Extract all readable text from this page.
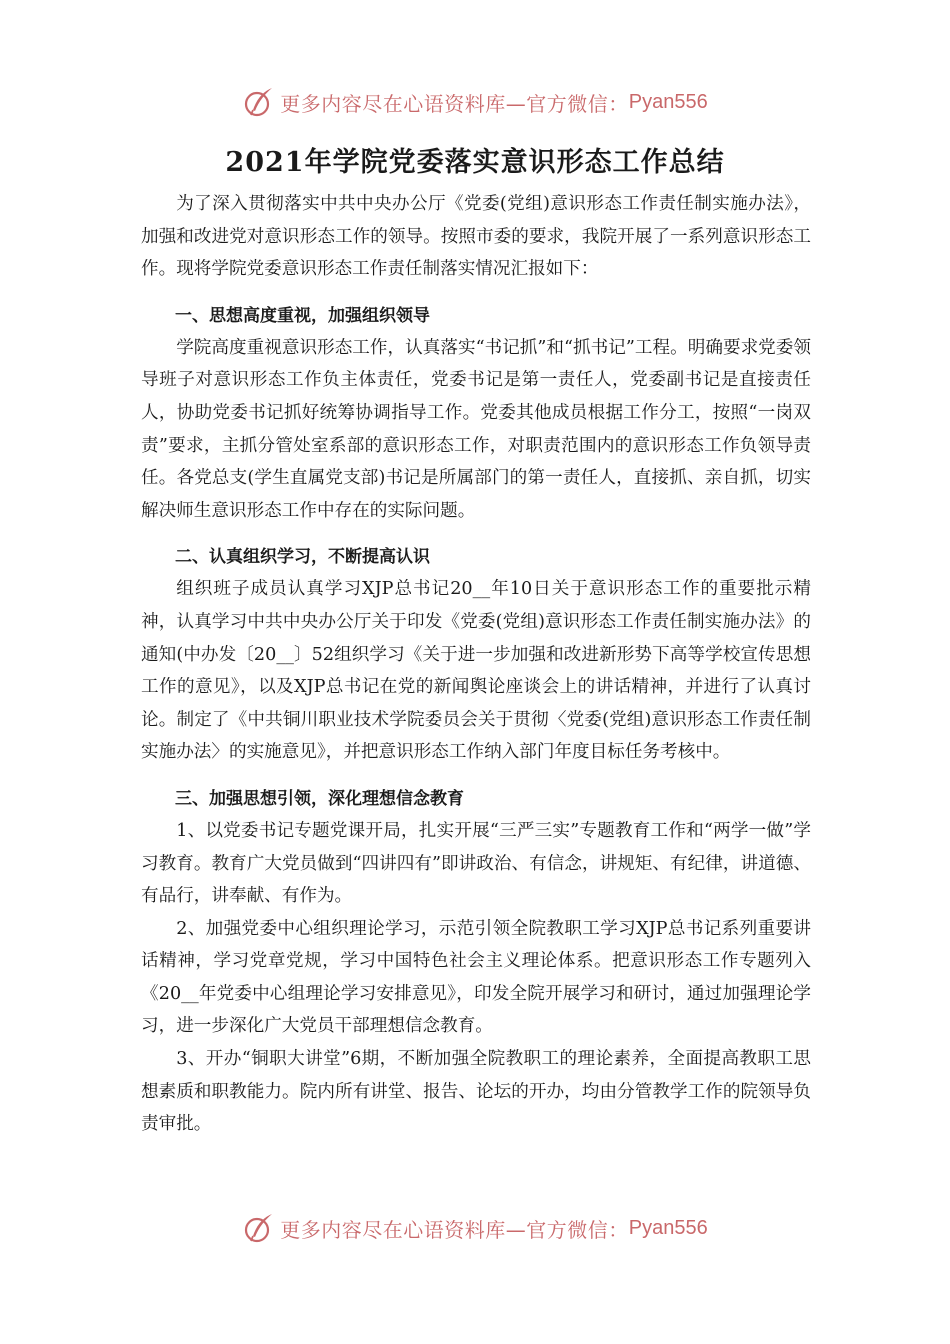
更多内容尽在心语资料库—官方微信： Pyan556
2021年学院党委落实意识形态工作总结

为了深入贯彻落实中共中央办公厅《党委(党组)意识形态工作责任制实施办法》，加强和改进党对意识形态工作的领导。按照市委的要求，我院开展了一系列意识形态工作。现将学院党委意识形态工作责任制落实情况汇报如下：

一、思想高度重视，加强组织领导

学院高度重视意识形态工作，认真落实“书记抓”和“抓书记”工程。明确要求党委领导班子对意识形态工作负主体责任，党委书记是第一责任人，党委副书记是直接责任人，协助党委书记抓好统筹协调指导工作。党委其他成员根据工作分工，按照“一岗双责”要求，主抓分管处室系部的意识形态工作，对职责范围内的意识形态工作负领导责任。各党总支(学生直属党支部)书记是所属部门的第一责任人，直接抓、亲自抓，切实解决师生意识形态工作中存在的实际问题。

二、认真组织学习，不断提高认识

组织班子成员认真学习XJP总书记20__年10日关于意识形态工作的重要批示精神，认真学习中共中央办公厅关于印发《党委(党组)意识形态工作责任制实施办法》的通知(中办发〔20__〕52组织学习《关于进一步加强和改进新形势下高等学校宣传思想工作的意见》，以及XJP总书记在党的新闻舆论座谈会上的讲话精神，并进行了认真讨论。制定了《中共铜川职业技术学院委员会关于贯彻〈党委(党组)意识形态工作责任制实施办法〉的实施意见》，并把意识形态工作纳入部门年度目标任务考核中。

三、加强思想引领，深化理想信念教育

1、以党委书记专题党课开局，扎实开展“三严三实”专题教育工作和“两学一做”学习教育。教育广大党员做到“四讲四有”即讲政治、有信念，讲规矩、有纪律，讲道德、有品行，讲奉献、有作为。

2、加强党委中心组织理论学习，示范引领全院教职工学习XJP总书记系列重要讲话精神，学习党章党规，学习中国特色社会主义理论体系。把意识形态工作专题列入《20__年党委中心组理论学习安排意见》，印发全院开展学习和研讨，通过加强理论学习，进一步深化广大党员干部理想信念教育。

3、开办“铜职大讲堂”6期，不断加强全院教职工的理论素养，全面提高教职工思想素质和职教能力。院内所有讲堂、报告、论坛的开办，均由分管教学工作的院领导负责审批。

更多内容尽在心语资料库—官方微信： Pyan556
